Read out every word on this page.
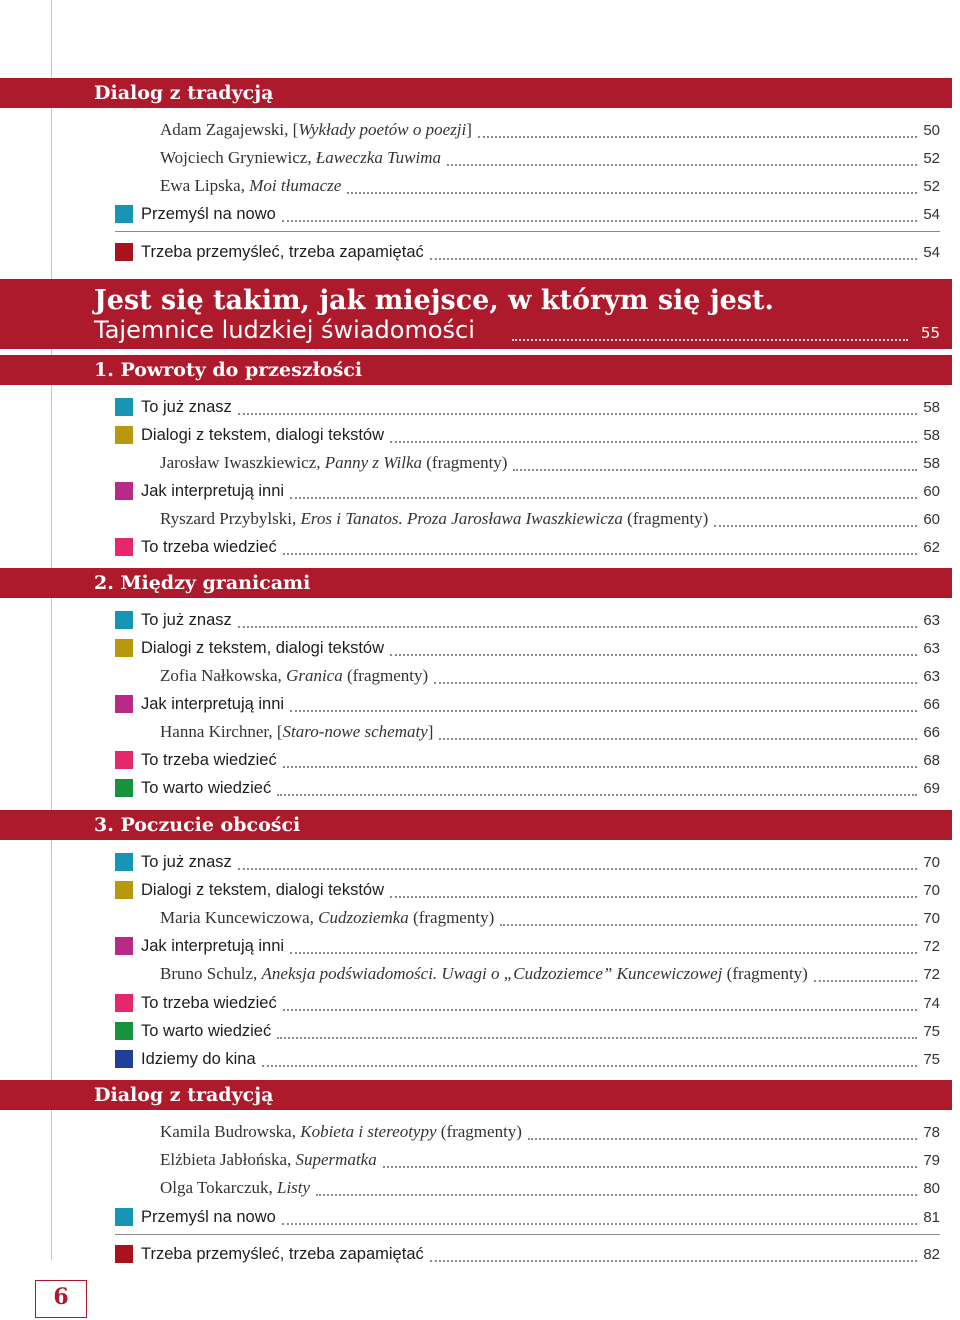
Dialog z tradycją
Adam Zagajewski, [Wykłady poetów o poezji]	50
Wojciech Gryniewicz, Ławeczka Tuwima	52
Ewa Lipska, Moi tłumacze	52
Przemyśl na nowo	54
Trzeba przemyśleć, trzeba zapamiętać	54
Jest się takim, jak miejsce, w którym się jest.
Tajemnice ludzkiej świadomości	55
1. Powroty do przeszłości
To już znasz	58
Dialogi z tekstem, dialogi tekstów	58
Jarosław Iwaszkiewicz, Panny z Wilka (fragmenty)	58
Jak interpretują inni	60
Ryszard Przybylski, Eros i Tanatos. Proza Jarosława Iwaszkiewicza (fragmenty)	60
To trzeba wiedzieć	62
2. Między granicami
To już znasz	63
Dialogi z tekstem, dialogi tekstów	63
Zofia Nałkowska, Granica (fragmenty)	63
Jak interpretują inni	66
Hanna Kirchner, [Staro-nowe schematy]	66
To trzeba wiedzieć	68
To warto wiedzieć	69
3. Poczucie obcości
To już znasz	70
Dialogi z tekstem, dialogi tekstów	70
Maria Kuncewiczowa, Cudzoziemka (fragmenty)	70
Jak interpretują inni	72
Bruno Schulz, Aneksja podświadomości. Uwagi o „Cudzoziemce” Kuncewiczowej (fragmenty)	72
To trzeba wiedzieć	74
To warto wiedzieć	75
Idziemy do kina	75
Dialog z tradycją
Kamila Budrowska, Kobieta i stereotypy (fragmenty)	78
Elżbieta Jabłońska, Supermatka	79
Olga Tokarczuk, Listy	80
Przemyśl na nowo	81
Trzeba przemyśleć, trzeba zapamiętać	82
6
